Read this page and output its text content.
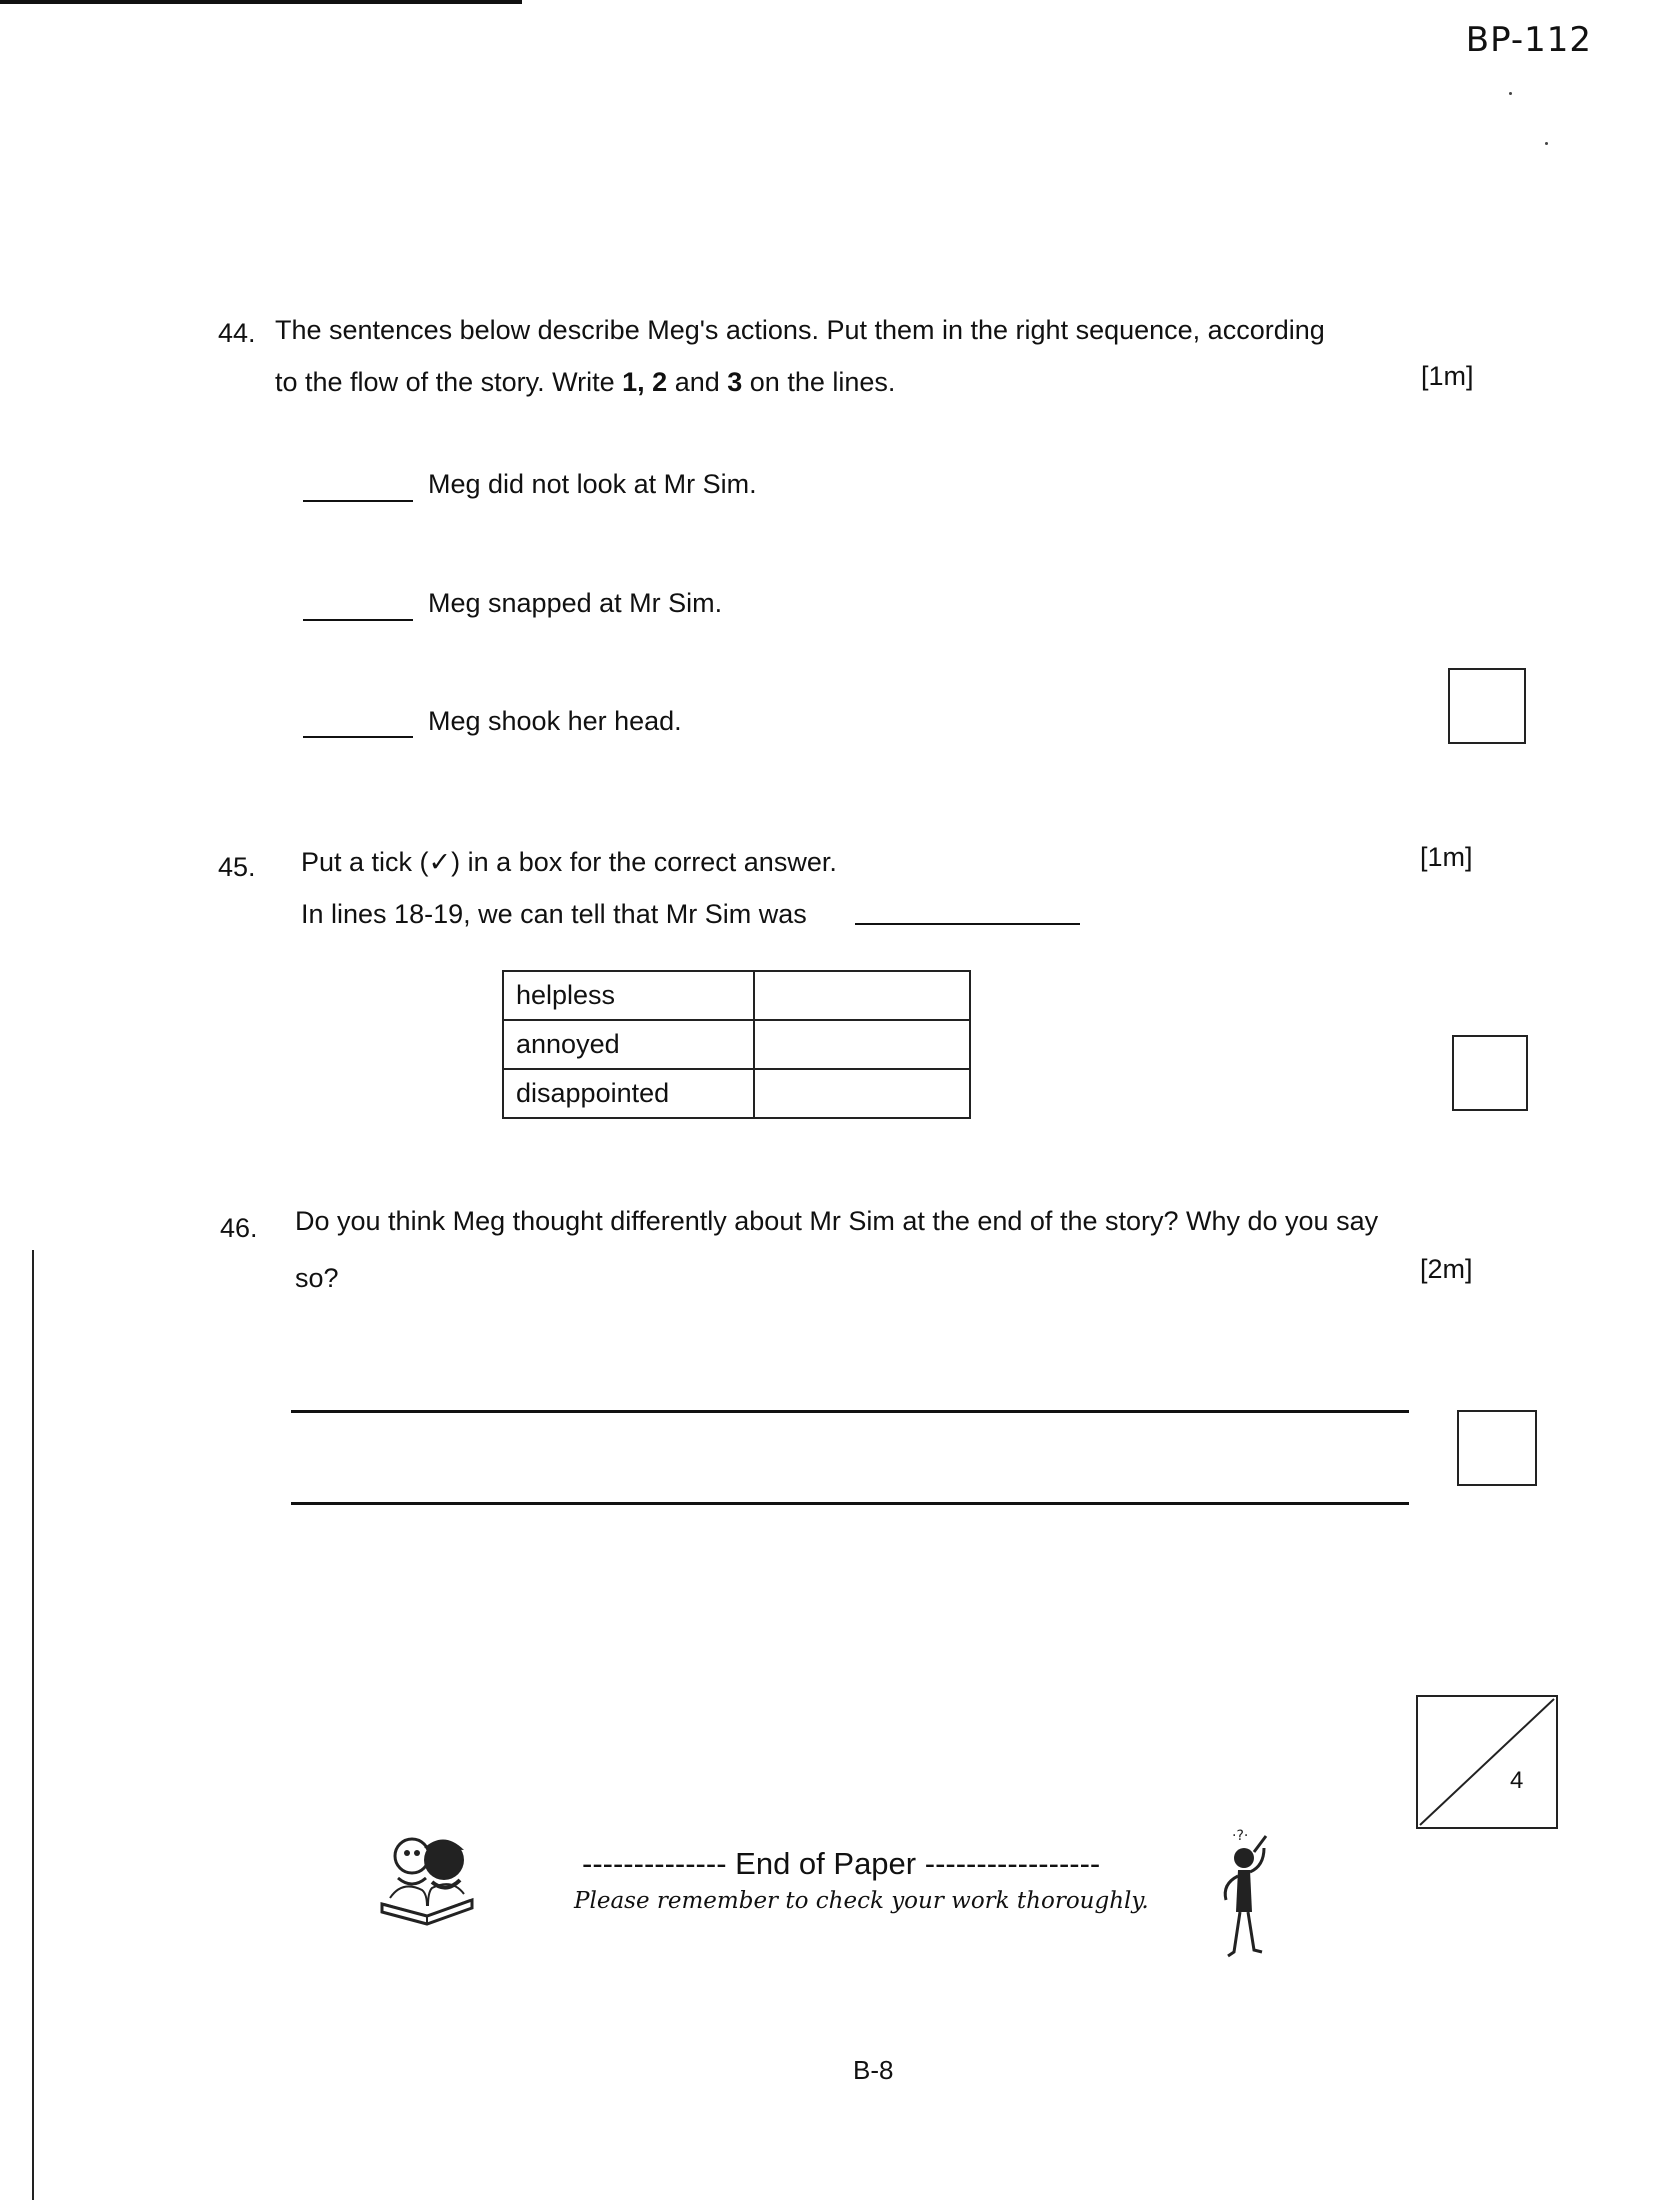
BP-112
44. The sentences below describe Meg's actions. Put them in the right sequence, according
to the flow of the story. Write 1, 2 and 3 on the lines.	[1m]
Meg did not look at Mr Sim.
Meg snapped at Mr Sim.
Meg shook her head.
45. Put a tick (✓) in a box for the correct answer.	[1m]
In lines 18-19, we can tell that Mr Sim was
helpless	
annoyed	
disappointed	
46. Do you think Meg thought differently about Mr Sim at the end of the story? Why do you say
so?	[2m]
4
-------------- End of Paper -----------------
Please remember to check your work thoroughly.
·?·
B-8
